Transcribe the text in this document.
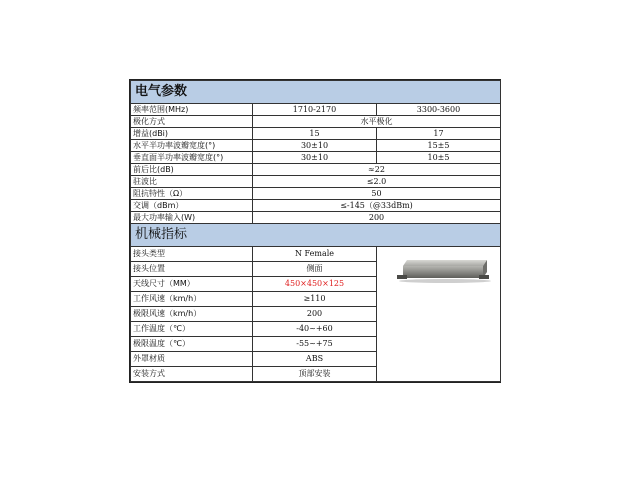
电气参数		
频率范围(MHz)	1710-2170	3300-3600
极化方式	水平极化	
增益(dBi)	15	17
水平半功率波瓣宽度(°)	30±10	15±5
垂直面半功率波瓣宽度(°)	30±10	10±5
前后比(dB)	≈22	
驻波比	≤2.0	
阻抗特性（Ω）	50	
交调（dBm）	≤-145（@33dBm)	
最大功率输入(W)	200	
机械指标		
接头类型	N Female	

接头位置	侧面	
天线尺寸（MM）	450×450×125	
工作风速（km/h）	≥110	
极限风速（km/h）	200	
工作温度（℃）	-40~+60	
极限温度（℃）	-55~+75	
外罩材质	ABS	
安装方式	顶部安装	
